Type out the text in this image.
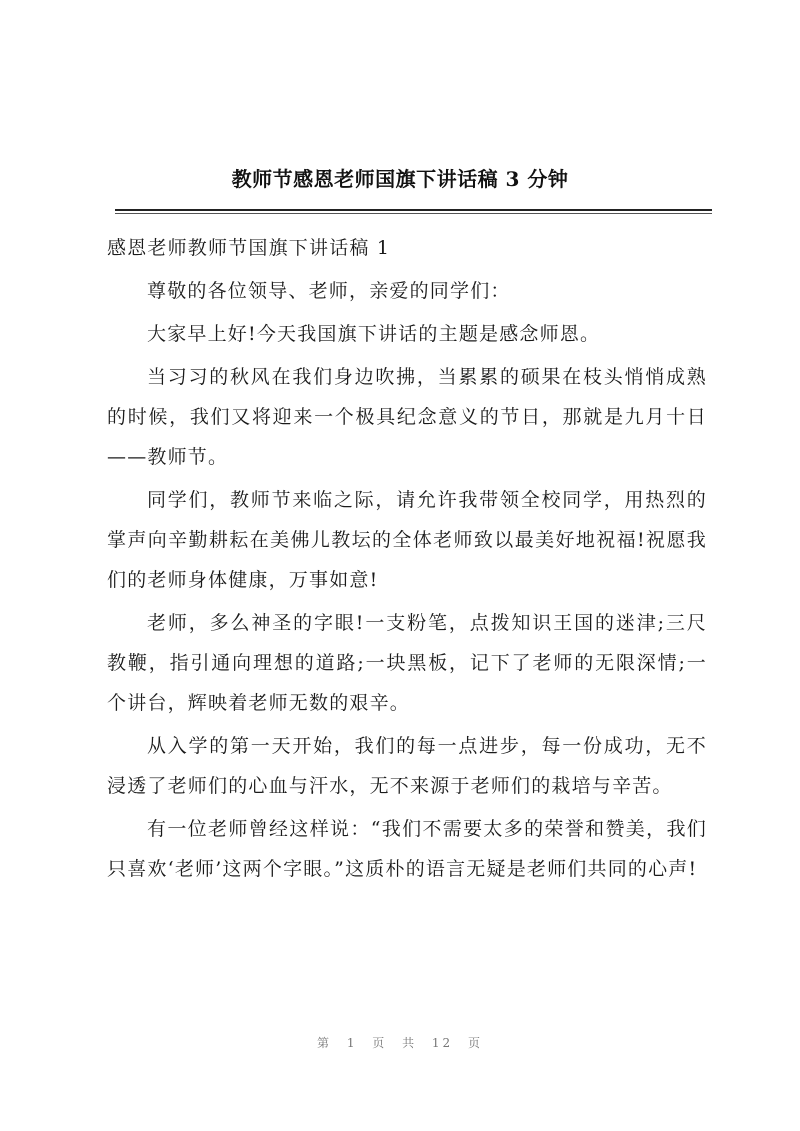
教师节感恩老师国旗下讲话稿 3 分钟

感恩老师教师节国旗下讲话稿 1

尊敬的各位领导、老师，亲爱的同学们：

大家早上好!今天我国旗下讲话的主题是感念师恩。

当习习的秋风在我们身边吹拂，当累累的硕果在枝头悄悄成熟的时候，我们又将迎来一个极具纪念意义的节日，那就是九月十日——教师节。

同学们，教师节来临之际，请允许我带领全校同学，用热烈的掌声向辛勤耕耘在美佛儿教坛的全体老师致以最美好地祝福!祝愿我们的老师身体健康，万事如意!

老师，多么神圣的字眼!一支粉笔，点拨知识王国的迷津;三尺教鞭，指引通向理想的道路;一块黑板，记下了老师的无限深情;一个讲台，辉映着老师无数的艰辛。

从入学的第一天开始，我们的每一点进步，每一份成功，无不浸透了老师们的心血与汗水，无不来源于老师们的栽培与辛苦。

有一位老师曾经这样说：“我们不需要太多的荣誉和赞美，我们只喜欢‘老师’这两个字眼。”这质朴的语言无疑是老师们共同的心声!

第 1 页 共 12 页
